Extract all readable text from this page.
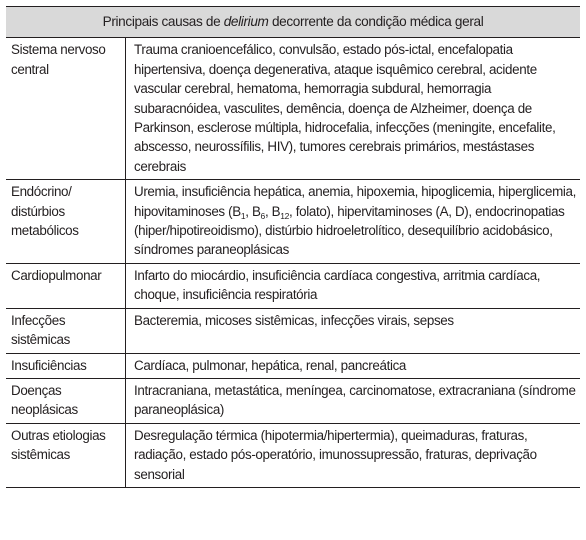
Principais causas de delirium decorrente da condição médica geral	
Sistema nervoso central	Trauma cranioencefálico, convulsão, estado pós-ictal, encefalopatia hipertensiva, doença degenerativa, ataque isquêmico cerebral, acidente vascular cerebral, hematoma, hemorragia subdural, hemorragia subaracnóidea, vasculites, demência, doença de Alzheimer, doença de Parkinson, esclerose múltipla, hidrocefalia, infecções (meningite, encefalite, abscesso, neurossífilis, HIV), tumores cerebrais primários, mestástases cerebrais
Endócrino/ distúrbios metabólicos	Uremia, insuficiência hepática, anemia, hipoxemia, hipoglicemia, hiperglicemia, hipovitaminoses ($B_1$, $B_6$, $B_{12}$, folato), hipervitaminoses (A, D), endocrinopatias (hiper/hipotireoidismo), distúrbio hidroeletrolítico, desequilíbrio acidobásico, síndromes paraneoplásicas
Cardiopulmonar	Infarto do miocárdio, insuficiência cardíaca congestiva, arritmia cardíaca, choque, insuficiência respiratória
Infecções sistêmicas	Bacteremia, micoses sistêmicas, infecções virais, sepses
Insuficiências	Cardíaca, pulmonar, hepática, renal, pancreática
Doenças neoplásicas	Intracraniana, metastática, meníngea, carcinomatose, extracraniana (síndrome paraneoplásica)
Outras etiologias sistêmicas	Desregulação térmica (hipotermia/hipertermia), queimaduras, fraturas, radiação, estado pós-operatório, imunossupressão, fraturas, deprivação sensorial
